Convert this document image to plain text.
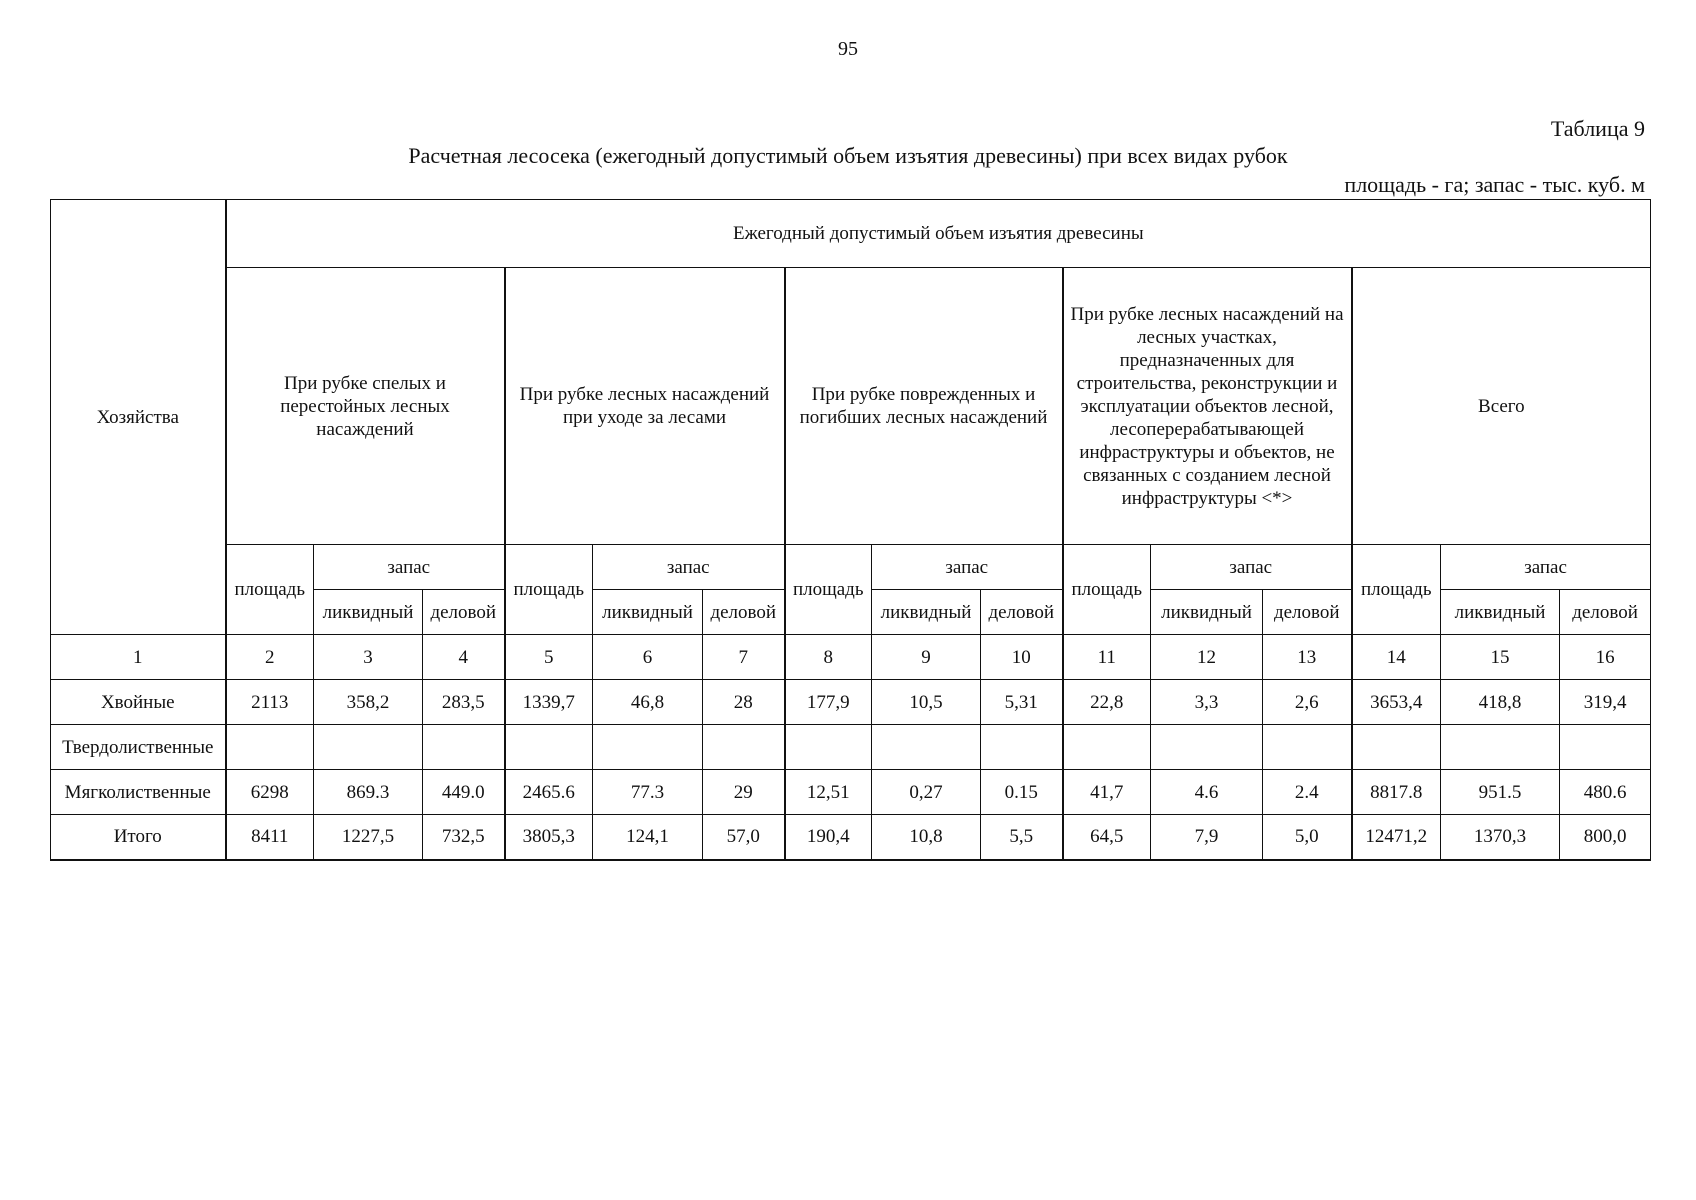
95
Таблица 9
Расчетная лесосека (ежегодный допустимый объем изъятия древесины) при всех видах рубок
площадь - га; запас - тыс. куб. м
Хозяйства	Ежегодный допустимый объем изъятия древесины														
	При рубке спелых и перестойных лесных насаждений			При рубке лесных насаждений при уходе за лесами			При рубке поврежденных и погибших лесных насаждений			При рубке лесных насаждений на лесных участках, предназначенных для строительства, реконструкции и эксплуатации объектов лесной, лесоперерабатывающей инфраструктуры и объектов, не связанных с созданием лесной инфраструктуры <*>			Всего		
	площадь	запас		площадь	запас		площадь	запас		площадь	запас		площадь	запас	
		ликвидный	деловой		ликвидный	деловой		ликвидный	деловой		ликвидный	деловой		ликвидный	деловой
1	2	3	4	5	6	7	8	9	10	11	12	13	14	15	16
Хвойные	2113	358,2	283,5	1339,7	46,8	28	177,9	10,5	5,31	22,8	3,3	2,6	3653,4	418,8	319,4
Твердолиственные															
Мягколиственные	6298	869.3	449.0	2465.6	77.3	29	12,51	0,27	0.15	41,7	4.6	2.4	8817.8	951.5	480.6
Итого	8411	1227,5	732,5	3805,3	124,1	57,0	190,4	10,8	5,5	64,5	7,9	5,0	12471,2	1370,3	800,0
